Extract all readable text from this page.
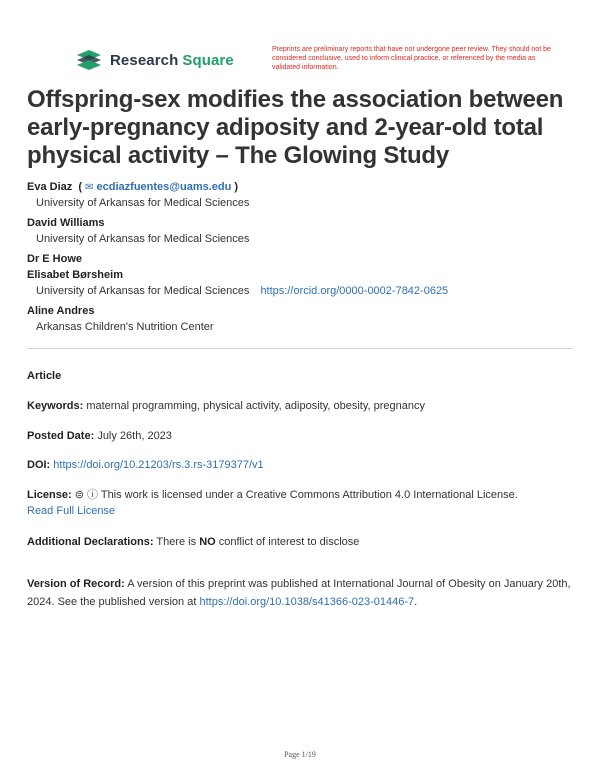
Research Square
Preprints are preliminary reports that have not undergone peer review. They should not be considered conclusive, used to inform clinical practice, or referenced by the media as validated information.
Offspring-sex modifies the association between early-pregnancy adiposity and 2-year-old total physical activity – The Glowing Study
Eva Diaz  ( ✉ ecdiazfuentes@uams.edu )
University of Arkansas for Medical Sciences
David Williams
University of Arkansas for Medical Sciences
Dr E Howe
Elisabet Børsheim
University of Arkansas for Medical Sciences https://orcid.org/0000-0002-7842-0625
Aline Andres
Arkansas Children's Nutrition Center
Article
Keywords: maternal programming, physical activity, adiposity, obesity, pregnancy
Posted Date: July 26th, 2023
DOI: https://doi.org/10.21203/rs.3.rs-3179377/v1
License: ⊜ ⓘ This work is licensed under a Creative Commons Attribution 4.0 International License.
Read Full License
Additional Declarations: There is NO conflict of interest to disclose
Version of Record: A version of this preprint was published at International Journal of Obesity on January 20th, 2024. See the published version at https://doi.org/10.1038/s41366-023-01446-7.
Page 1/19
